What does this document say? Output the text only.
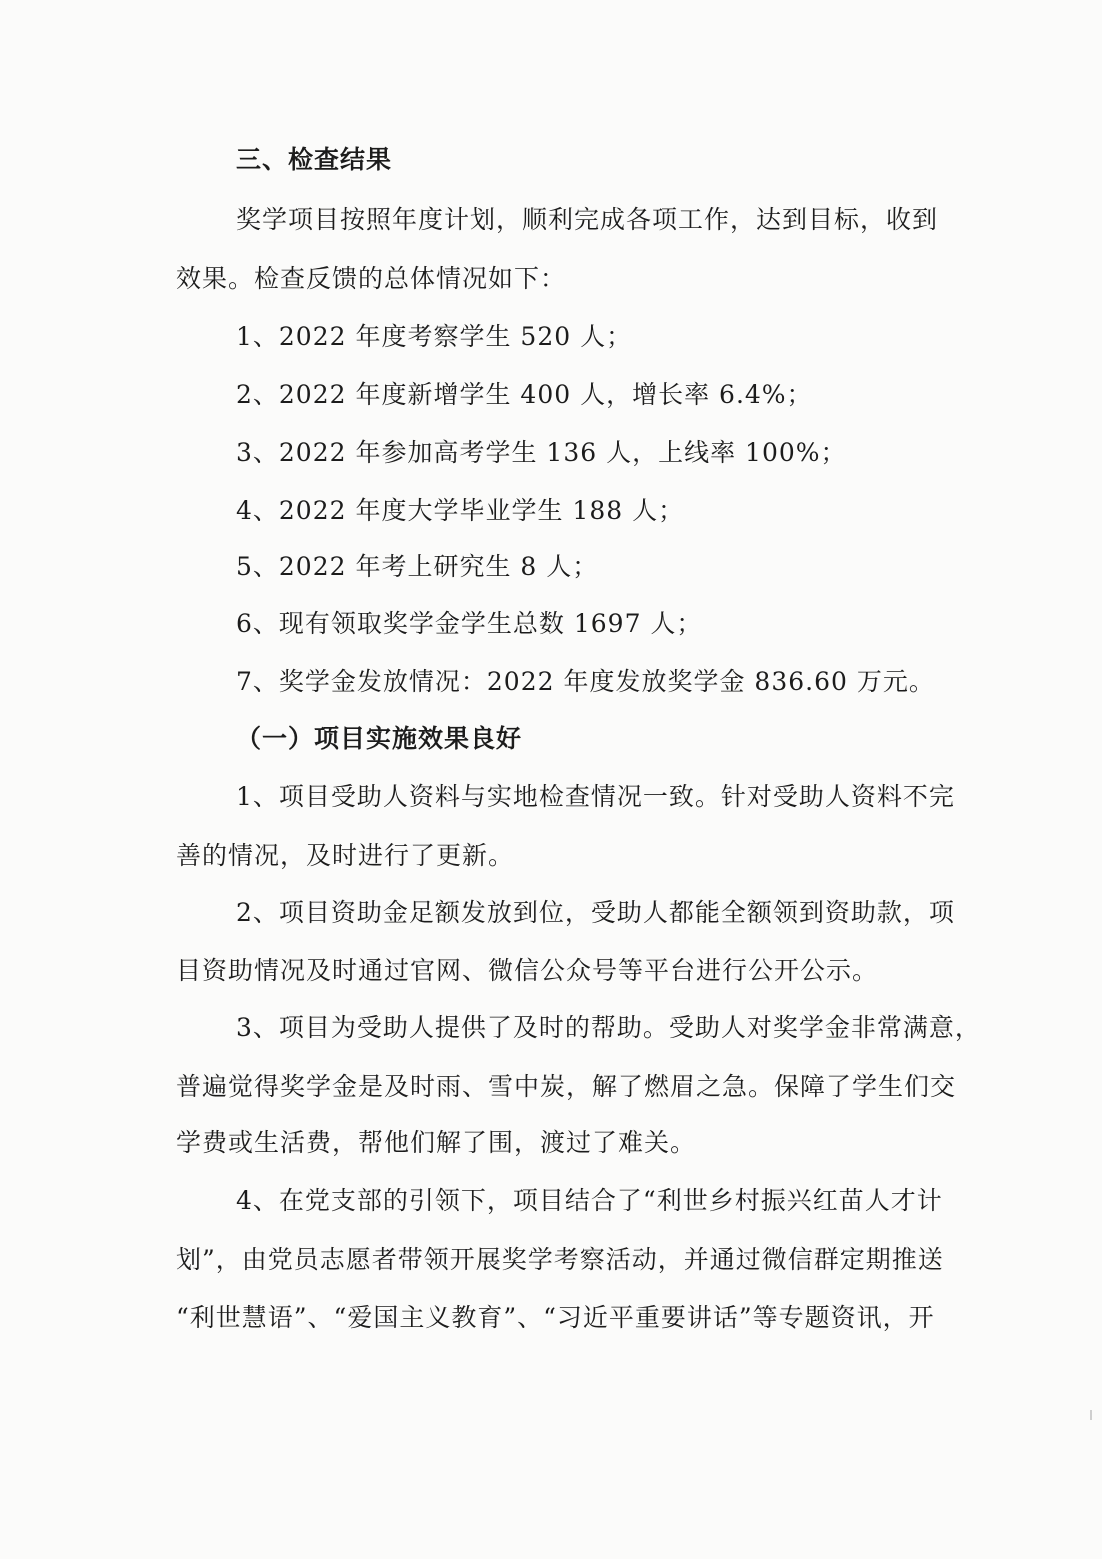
三、检查结果
奖学项目按照年度计划，顺利完成各项工作，达到目标，收到
效果。检查反馈的总体情况如下：
1、2022 年度考察学生 520 人；
2、2022 年度新增学生 400 人，增长率 6.4%；
3、2022 年参加高考学生 136 人，上线率 100%；
4、2022 年度大学毕业学生 188 人；
5、2022 年考上研究生 8 人；
6、现有领取奖学金学生总数 1697 人；
7、奖学金发放情况：2022 年度发放奖学金 836.60 万元。
（一）项目实施效果良好
1、项目受助人资料与实地检查情况一致。针对受助人资料不完
善的情况，及时进行了更新。
2、项目资助金足额发放到位，受助人都能全额领到资助款，项
目资助情况及时通过官网、微信公众号等平台进行公开公示。
3、项目为受助人提供了及时的帮助。受助人对奖学金非常满意，
普遍觉得奖学金是及时雨、雪中炭，解了燃眉之急。保障了学生们交
学费或生活费，帮他们解了围，渡过了难关。
4、在党支部的引领下，项目结合了“利世乡村振兴红苗人才计
划”，由党员志愿者带领开展奖学考察活动，并通过微信群定期推送
“利世慧语”、“爱国主义教育”、“习近平重要讲话”等专题资讯，开
